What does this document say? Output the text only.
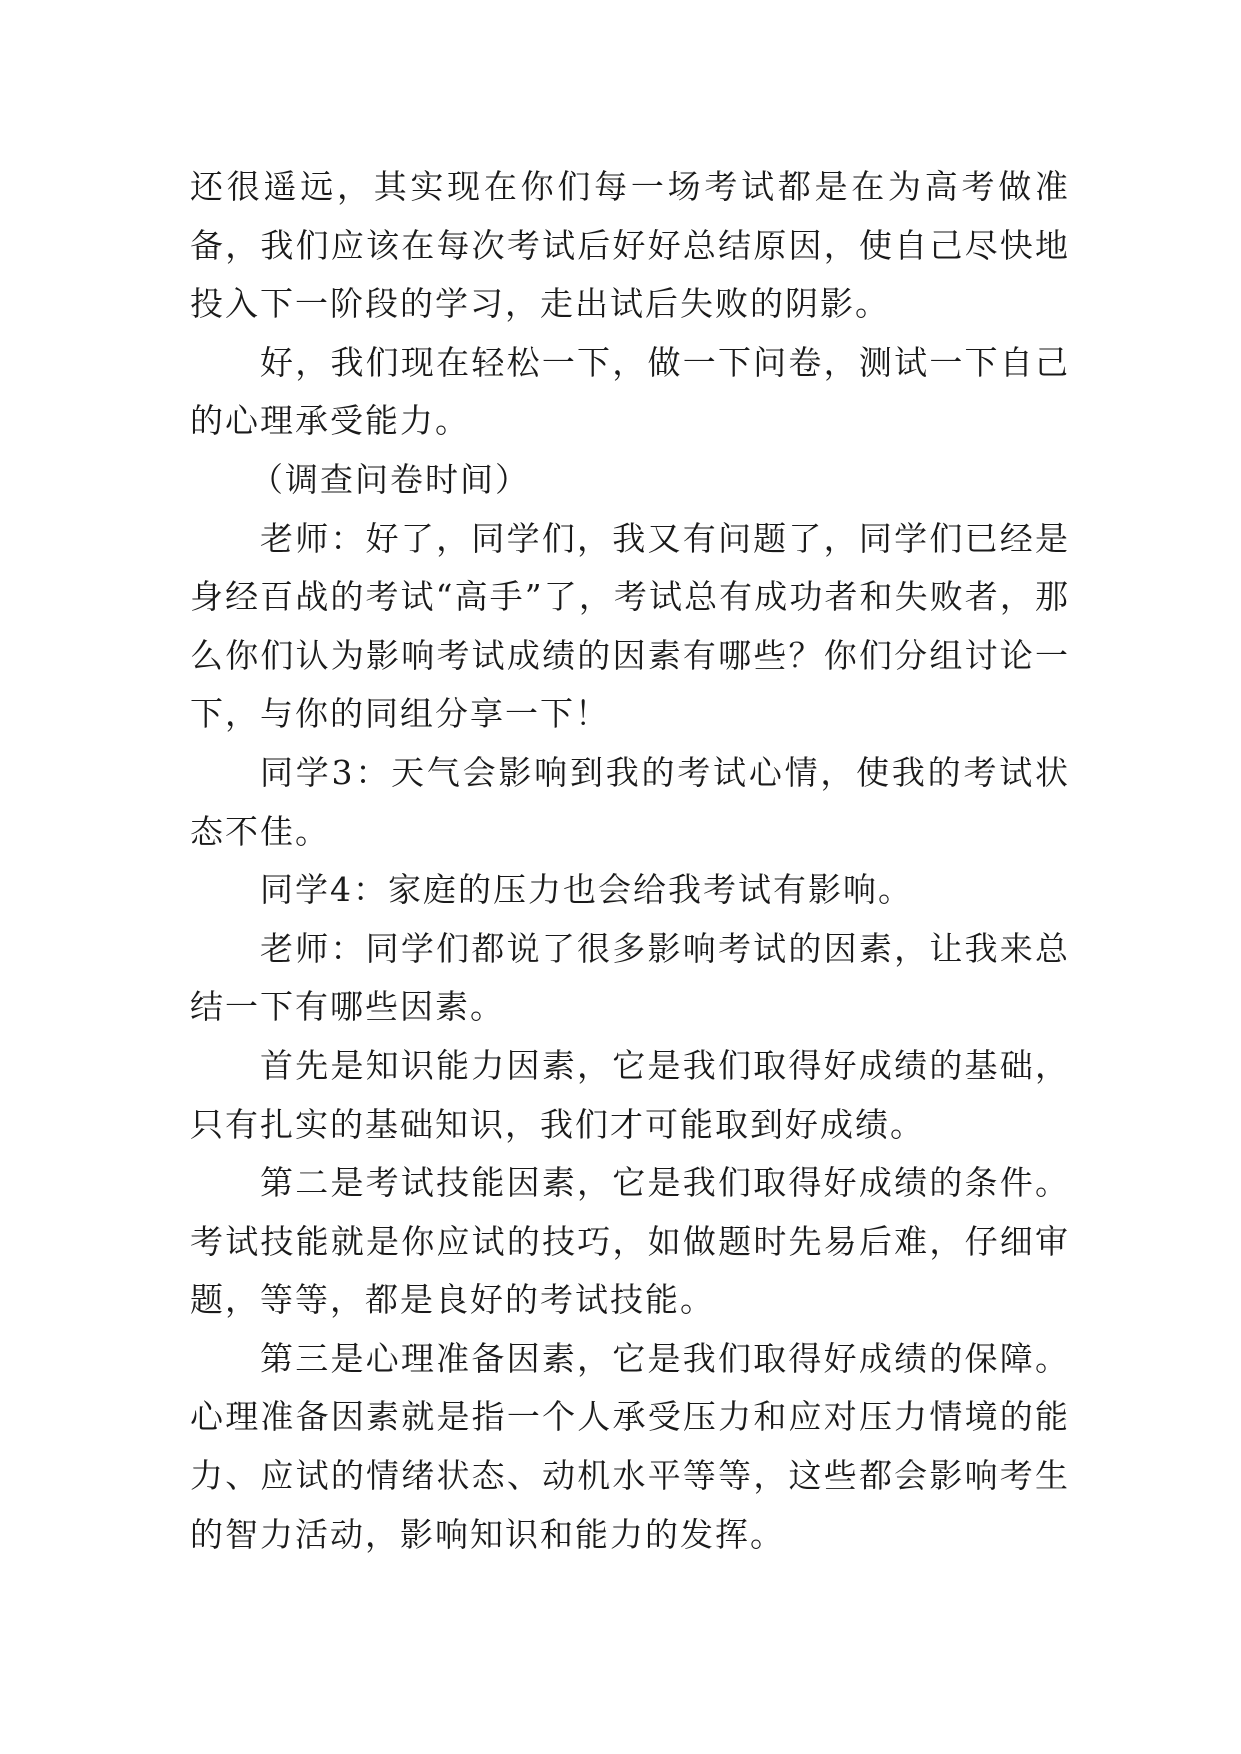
还很遥远，其实现在你们每一场考试都是在为高考做准备，我们应该在每次考试后好好总结原因，使自己尽快地投入下一阶段的学习，走出试后失败的阴影。

好，我们现在轻松一下，做一下问卷，测试一下自己的心理承受能力。

（调查问卷时间）

老师：好了，同学们，我又有问题了，同学们已经是身经百战的考试“高手”了，考试总有成功者和失败者，那么你们认为影响考试成绩的因素有哪些？你们分组讨论一下，与你的同组分享一下！

同学3：天气会影响到我的考试心情，使我的考试状态不佳。

同学4：家庭的压力也会给我考试有影响。

老师：同学们都说了很多影响考试的因素，让我来总结一下有哪些因素。

首先是知识能力因素，它是我们取得好成绩的基础，只有扎实的基础知识，我们才可能取到好成绩。

第二是考试技能因素，它是我们取得好成绩的条件。考试技能就是你应试的技巧，如做题时先易后难，仔细审题，等等，都是良好的考试技能。

第三是心理准备因素，它是我们取得好成绩的保障。心理准备因素就是指一个人承受压力和应对压力情境的能力、应试的情绪状态、动机水平等等，这些都会影响考生的智力活动，影响知识和能力的发挥。
